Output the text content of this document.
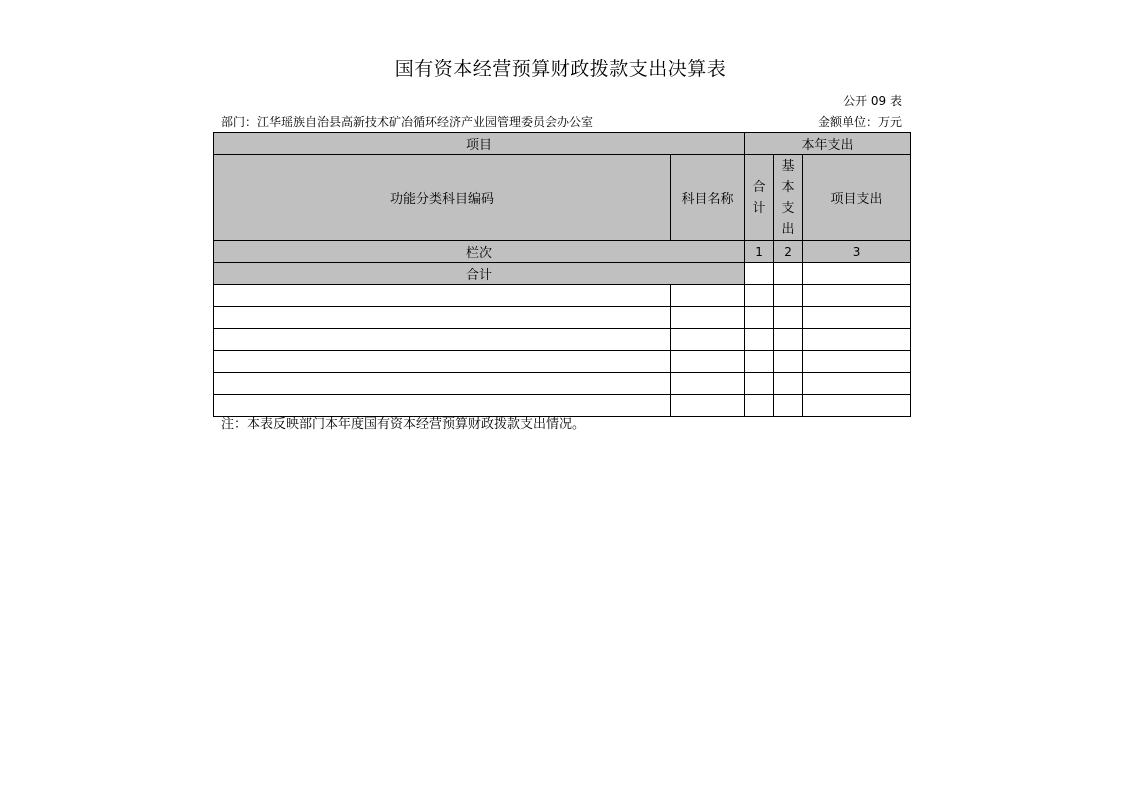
国有资本经营预算财政拨款支出决算表
公开 09 表
部门：江华瑶族自治县高新技术矿冶循环经济产业园管理委员会办公室	金额单位：万元
项目		本年支出		
功能分类科目编码	科目名称	合计	基本支出	项目支出
栏次		1	2	3
合计				

注：本表反映部门本年度国有资本经营预算财政拨款支出情况。
